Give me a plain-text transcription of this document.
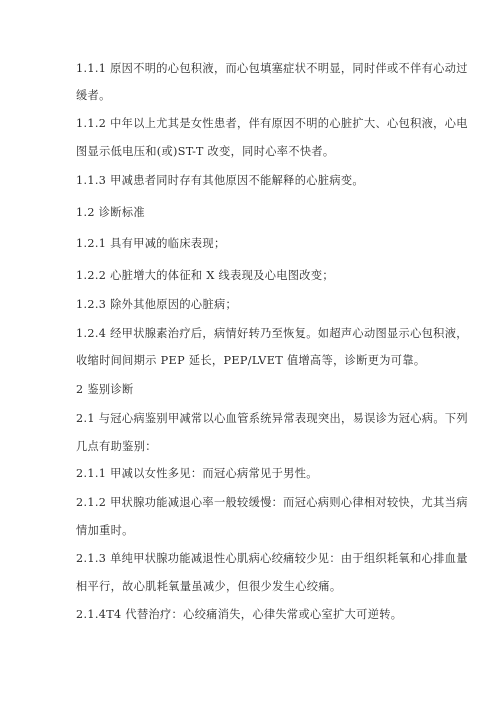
1.1.1 原因不明的心包积液，而心包填塞症状不明显，同时伴或不伴有心动过
缓者。
1.1.2 中年以上尤其是女性患者，伴有原因不明的心脏扩大、心包积液，心电
图显示低电压和(或)ST-T 改变，同时心率不快者。
1.1.3 甲减患者同时存有其他原因不能解释的心脏病变。
1.2 诊断标准
1.2.1 具有甲减的临床表现；
1.2.2 心脏增大的体征和 X 线表现及心电图改变；
1.2.3 除外其他原因的心脏病；
1.2.4 经甲状腺素治疗后，病情好转乃至恢复。如超声心动图显示心包积液，
收缩时间间期示 PEP 延长，PEP/LVET 值增高等，诊断更为可靠。
2 鉴别诊断
2.1 与冠心病鉴别甲减常以心血管系统异常表现突出，易误诊为冠心病。下列
几点有助鉴别：
2.1.1 甲减以女性多见：而冠心病常见于男性。
2.1.2 甲状腺功能减退心率一般较缓慢：而冠心病则心律相对较快，尤其当病
情加重时。
2.1.3 单纯甲状腺功能减退性心肌病心绞痛较少见：由于组织耗氧和心排血量
相平行，故心肌耗氧量虽减少，但很少发生心绞痛。
2.1.4T4 代替治疗：心绞痛消失，心律失常或心室扩大可逆转。
